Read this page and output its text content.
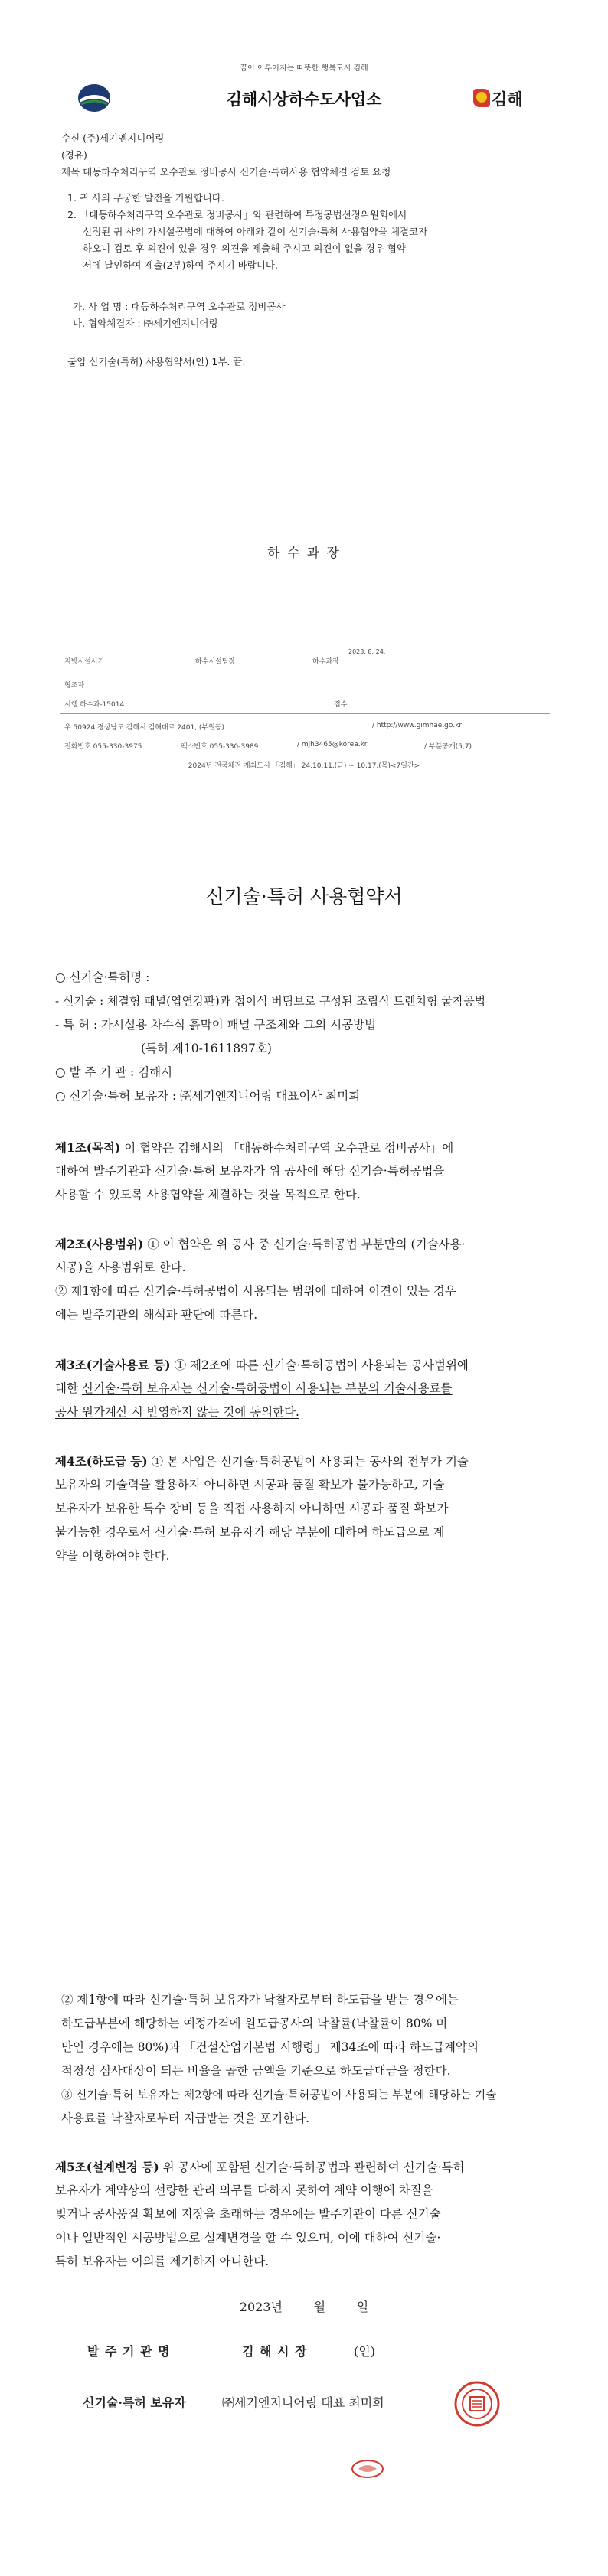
꿈이 이루어지는 따뜻한 행복도시 김해
김해시상하수도사업소	김해
수신 (주)세기엔지니어링
(경유)
제목 대동하수처리구역 오수관로 정비공사 신기술·특허사용 협약체결 검토 요청
1. 귀 사의 무궁한 발전을 기원합니다.
2. 「대동하수처리구역 오수관로 정비공사」와 관련하여 특정공법선정위원회에서
선정된 귀 사의 가시설공법에 대하여 아래와 같이 신기술·특허 사용협약을 체결코자
하오니 검토 후 의견이 있을 경우 의견을 제출해 주시고 의견이 없을 경우 협약
서에 날인하여 제출(2부)하여 주시기 바랍니다.
가. 사 업 명 : 대동하수처리구역 오수관로 정비공사
나. 협약체결자 : ㈜세기엔지니어링
붙임 신기술(특허) 사용협약서(안) 1부. 끝.
하 수 과 장
지방시설서기	하수시설팀장	하수과장
2023. 8. 24.
협조자
시행 하수과-15014	접수
우 50924 경상남도 김해시 김해대로 2401, (부원동)	/ http://www.gimhae.go.kr
전화번호 055-330-3975	팩스번호 055-330-3989	/ mjh3465@korea.kr	/ 부분공개(5,7)
2024년 전국체전 개최도시 「김해」 24.10.11.(금) ~ 10.17.(목)<7일간>
신기술·특허 사용협약서
○ 신기술·특허명 :
- 신기술 : 체결형 패널(엽연강판)과 접이식 버팀보로 구성된 조립식 트렌치형 굴착공법
- 특 허 : 가시설용 차수식 흙막이 패널 구조체와 그의 시공방법
(특허 제10-1611897호)
○ 발 주 기 관 : 김해시
○ 신기술·특허 보유자 : ㈜세기엔지니어링 대표이사 최미희
제1조(목적) 이 협약은 김해시의 「대동하수처리구역 오수관로 정비공사」에
대하여 발주기관과 신기술·특허 보유자가 위 공사에 해당 신기술·특허공법을
사용할 수 있도록 사용협약을 체결하는 것을 목적으로 한다.
제2조(사용범위) ① 이 협약은 위 공사 중 신기술·특허공법 부분만의 (기술사용·
시공)을 사용범위로 한다.
② 제1항에 따른 신기술·특허공법이 사용되는 범위에 대하여 이견이 있는 경우
에는 발주기관의 해석과 판단에 따른다.
제3조(기술사용료 등) ① 제2조에 따른 신기술·특허공법이 사용되는 공사범위에
대한 신기술·특허 보유자는 신기술·특허공법이 사용되는 부분의 기술사용료를
공사 원가계산 시 반영하지 않는 것에 동의한다.
제4조(하도급 등) ① 본 사업은 신기술·특허공법이 사용되는 공사의 전부가 기술
보유자의 기술력을 활용하지 아니하면 시공과 품질 확보가 불가능하고, 기술
보유자가 보유한 특수 장비 등을 직접 사용하지 아니하면 시공과 품질 확보가
불가능한 경우로서 신기술·특허 보유자가 해당 부분에 대하여 하도급으로 계
약을 이행하여야 한다.
② 제1항에 따라 신기술·특허 보유자가 낙찰자로부터 하도급을 받는 경우에는
하도급부분에 해당하는 예정가격에 원도급공사의 낙찰률(낙찰률이 80% 미
만인 경우에는 80%)과 「건설산업기본법 시행령」 제34조에 따라 하도급계약의
적정성 심사대상이 되는 비율을 곱한 금액을 기준으로 하도급대금을 정한다.
③ 신기술·특허 보유자는 제2항에 따라 신기술·특허공법이 사용되는 부분에 해당하는 기술
사용료를 낙찰자로부터 지급받는 것을 포기한다.
제5조(설계변경 등) 위 공사에 포함된 신기술·특허공법과 관련하여 신기술·특허
보유자가 계약상의 선량한 관리 의무를 다하지 못하여 계약 이행에 차질을
빚거나 공사품질 확보에 지장을 초래하는 경우에는 발주기관이 다른 신기술
이나 일반적인 시공방법으로 설계변경을 할 수 있으며, 이에 대하여 신기술·
특허 보유자는 이의를 제기하지 아니한다.
2023년        월        일
발 주 기 관 명	김 해 시 장	(인)
신기술·특허 보유자	㈜세기엔지니어링 대표 최미희
